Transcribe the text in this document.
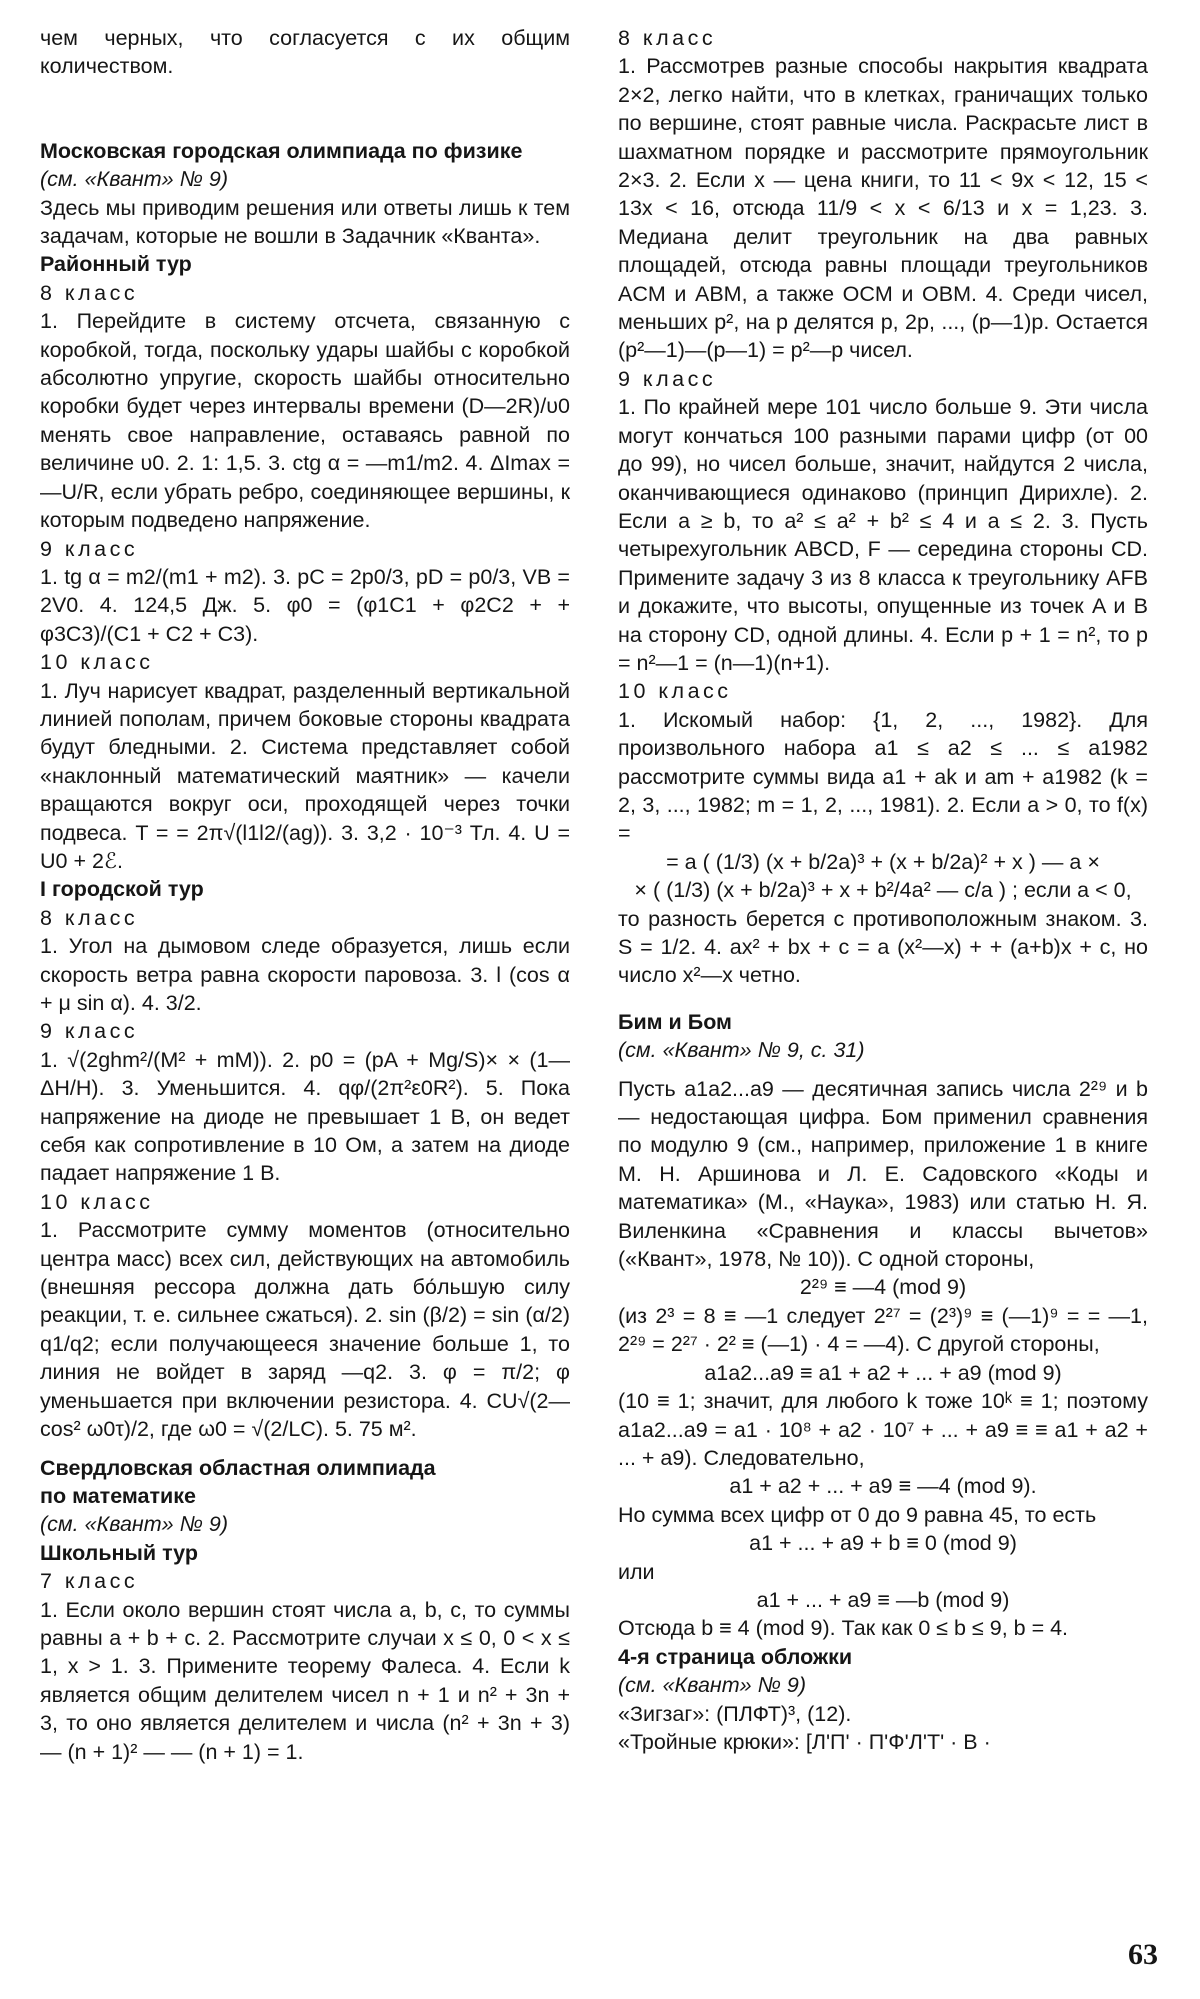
чем черных, что согласуется с их общим количеством.

Московская городская олимпиада по физике

(см. «Квант» № 9)

Здесь мы приводим решения или ответы лишь к тем задачам, которые не вошли в Задачник «Кванта».

Районный тур

8 класс

1. Перейдите в систему отсчета, связанную с коробкой, тогда, поскольку удары шайбы с коробкой абсолютно упругие, скорость шайбы относительно коробки будет через интервалы времени (D—2R)/υ0 менять свое направление, оставаясь равной по величине υ0. 2. 1: 1,5. 3. ctg α = —m1/m2. 4. ΔImax = —U/R, если убрать ребро, соединяющее вершины, к которым подведено напряжение.

9 класс

1. tg α = m2/(m1 + m2). 3. pC = 2p0/3, pD = p0/3, VB = 2V0. 4. 124,5 Дж. 5. φ0 = (φ1C1 + φ2C2 + + φ3C3)/(C1 + C2 + C3).

10 класс

1. Луч нарисует квадрат, разделенный вертикальной линией пополам, причем боковые стороны квадрата будут бледными. 2. Система представляет собой «наклонный математический маятник» — качели вращаются вокруг оси, проходящей через точки подвеса. T = = 2π√(l1l2/(ag)). 3. 3,2 · 10⁻³ Тл. 4. U = U0 + 2ℰ.

I городской тур

8 класс

1. Угол на дымовом следе образуется, лишь если скорость ветра равна скорости паровоза. 3. l (cos α + μ sin α). 4. 3/2.

9 класс

1. √(2ghm²/(M² + mM)). 2. p0 = (pA + Mg/S)× × (1—ΔH/H). 3. Уменьшится. 4. qφ/(2π²ε0R²). 5. Пока напряжение на диоде не превышает 1 В, он ведет себя как сопротивление в 10 Ом, а затем на диоде падает напряжение 1 В.

10 класс

1. Рассмотрите сумму моментов (относительно центра масс) всех сил, действующих на автомобиль (внешняя рессора должна дать бо́льшую силу реакции, т. е. сильнее сжаться). 2. sin (β/2) = sin (α/2) q1/q2; если получающееся значение больше 1, то линия не войдет в заряд —q2. 3. φ = π/2; φ уменьшается при включении резистора. 4. CU√(2—cos² ω0τ)/2, где ω0 = √(2/LC). 5. 75 м².

Свердловская областная олимпиада

по математике

(см. «Квант» № 9)

Школьный тур

7 класс

1. Если около вершин стоят числа a, b, c, то суммы равны a + b + c. 2. Рассмотрите случаи x ≤ 0, 0 < x ≤ 1, x > 1. 3. Примените теорему Фалеса. 4. Если k является общим делителем чисел n + 1 и n² + 3n + 3, то оно является делителем и числа (n² + 3n + 3) — (n + 1)² — — (n + 1) = 1.

8 класс

1. Рассмотрев разные способы накрытия квадрата 2×2, легко найти, что в клетках, граничащих только по вершине, стоят равные числа. Раскрасьте лист в шахматном порядке и рассмотрите прямоугольник 2×3. 2. Если x — цена книги, то 11 < 9x < 12, 15 < 13x < 16, отсюда 11/9 < x < 6/13 и x = 1,23. 3. Медиана делит треугольник на два равных площадей, отсюда равны площади треугольников ACM и ABM, а также OCM и OBM. 4. Среди чисел, меньших p², на p делятся p, 2p, ..., (p—1)p. Остается (p²—1)—(p—1) = p²—p чисел.

9 класс

1. По крайней мере 101 число больше 9. Эти числа могут кончаться 100 разными парами цифр (от 00 до 99), но чисел больше, значит, найдутся 2 числа, оканчивающиеся одинаково (принцип Дирихле). 2. Если a ≥ b, то a² ≤ a² + b² ≤ 4 и a ≤ 2. 3. Пусть четырехугольник ABCD, F — середина стороны CD. Примените задачу 3 из 8 класса к треугольнику AFB и докажите, что высоты, опущенные из точек A и B на сторону CD, одной длины. 4. Если p + 1 = n², то p = n²—1 = (n—1)(n+1).

10 класс

1. Искомый набор: {1, 2, ..., 1982}. Для произвольного набора a1 ≤ a2 ≤ ... ≤ a1982 рассмотрите суммы вида a1 + ak и am + a1982 (k = 2, 3, ..., 1982; m = 1, 2, ..., 1981). 2. Если a > 0, то f(x) =

= a ( (1/3) (x + b/2a)³ + (x + b/2a)² + x ) — a ×

× ( (1/3) (x + b/2a)³ + x + b²/4a² — c/a ) ; если a < 0,

то разность берется с противоположным знаком. 3. S = 1/2. 4. ax² + bx + c = a (x²—x) + + (a+b)x + c, но число x²—x четно.

Бим и Бом

(см. «Квант» № 9, с. 31)

Пусть a1a2...a9 — десятичная запись числа 2²⁹ и b — недостающая цифра. Бом применил сравнения по модулю 9 (см., например, приложение 1 в книге М. Н. Аршинова и Л. Е. Садовского «Коды и математика» (М., «Наука», 1983) или статью Н. Я. Виленкина «Сравнения и классы вычетов» («Квант», 1978, № 10)). С одной стороны,

2²⁹ ≡ —4 (mod 9)

(из 2³ = 8 ≡ —1 следует 2²⁷ = (2³)⁹ ≡ (—1)⁹ = = —1, 2²⁹ = 2²⁷ · 2² ≡ (—1) · 4 = —4). С другой стороны,

a1a2...a9 ≡ a1 + a2 + ... + a9 (mod 9)

(10 ≡ 1; значит, для любого k тоже 10ᵏ ≡ 1; поэтому a1a2...a9 = a1 · 10⁸ + a2 · 10⁷ + ... + a9 ≡ ≡ a1 + a2 + ... + a9). Следовательно,

a1 + a2 + ... + a9 ≡ —4 (mod 9).

Но сумма всех цифр от 0 до 9 равна 45, то есть

a1 + ... + a9 + b ≡ 0 (mod 9)

или

a1 + ... + a9 ≡ —b (mod 9)

Отсюда b ≡ 4 (mod 9). Так как 0 ≤ b ≤ 9, b = 4.

4-я страница обложки

(см. «Квант» № 9)

«Зигзаг»: (ПЛФТ)³, (12).

«Тройные крюки»: [Л'П' · П'Ф'Л'Т' · В ·

63
